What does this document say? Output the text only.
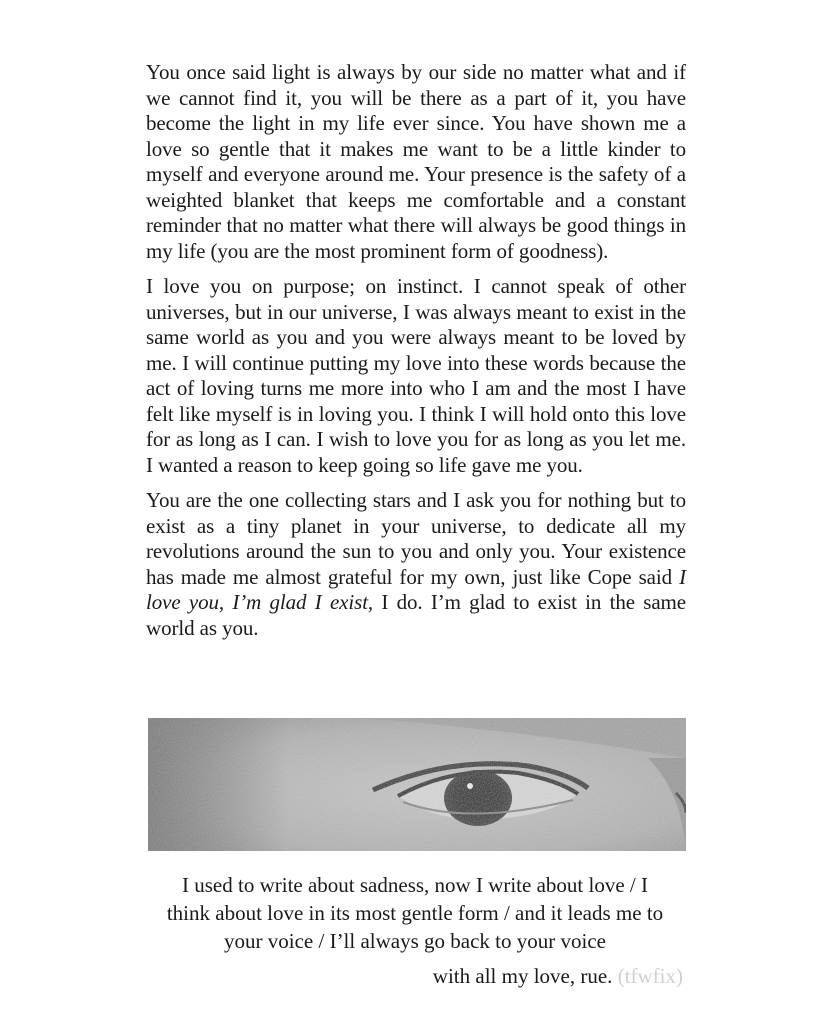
You once said light is always by our side no matter what and if we cannot find it, you will be there as a part of it, you have become the light in my life ever since. You have shown me a love so gentle that it makes me want to be a little kinder to myself and everyone around me. Your presence is the safety of a weighted blanket that keeps me comfortable and a constant reminder that no matter what there will always be good things in my life (you are the most prominent form of goodness).

I love you on purpose; on instinct. I cannot speak of other universes, but in our universe, I was always meant to exist in the same world as you and you were always meant to be loved by me. I will continue putting my love into these words because the act of loving turns me more into who I am and the most I have felt like myself is in loving you. I think I will hold onto this love for as long as I can. I wish to love you for as long as you let me. I wanted a reason to keep going so life gave me you.

You are the one collecting stars and I ask you for nothing but to exist as a tiny planet in your universe, to dedicate all my revolutions around the sun to you and only you. Your existence has made me almost grateful for my own, just like Cope said I love you, I’m glad I exist, I do. I’m glad to exist in the same world as you.

I used to write about sadness, now I write about love / I
think about love in its most gentle form / and it leads me to
your voice / I’ll always go back to your voice
with all my love, rue. (tfwfix)
